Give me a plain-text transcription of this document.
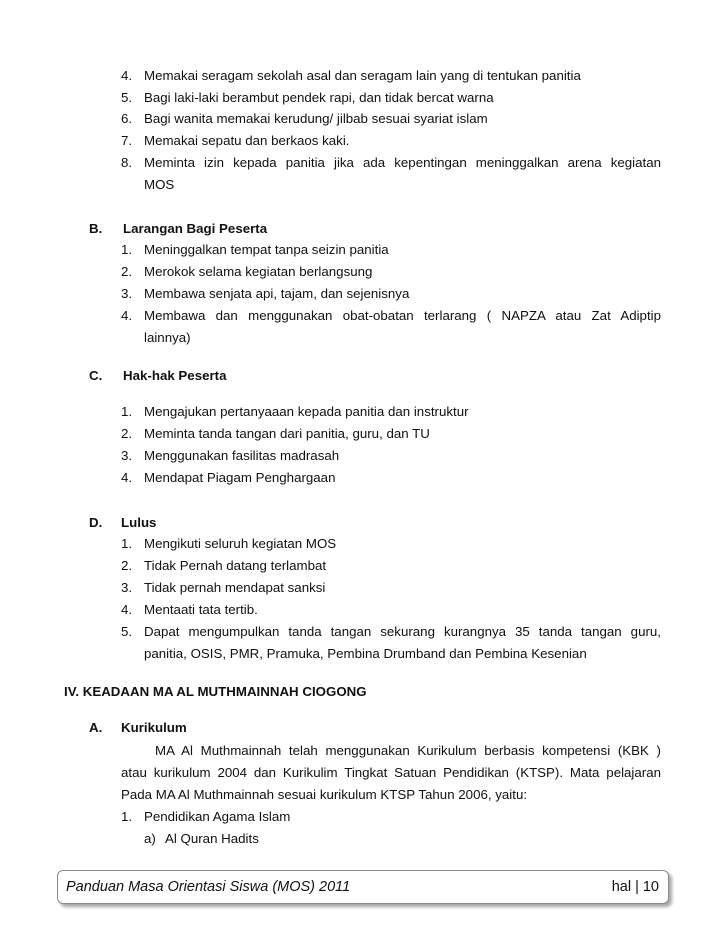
4. Memakai seragam sekolah asal dan seragam lain yang di tentukan panitia
5. Bagi laki-laki berambut pendek rapi, dan tidak bercat warna
6. Bagi wanita memakai kerudung/ jilbab sesuai syariat islam
7. Memakai sepatu dan berkaos kaki.
8. Meminta izin kepada panitia jika ada kepentingan meninggalkan arena kegiatan
MOS
B. Larangan Bagi Peserta
1. Meninggalkan tempat tanpa seizin panitia
2. Merokok selama kegiatan berlangsung
3. Membawa senjata api, tajam, dan sejenisnya
4. Membawa dan menggunakan obat-obatan terlarang ( NAPZA atau Zat Adiptip
lainnya)
C. Hak-hak Peserta
1. Mengajukan pertanyaaan kepada panitia dan instruktur
2. Meminta tanda tangan dari panitia, guru, dan TU
3. Menggunakan fasilitas madrasah
4. Mendapat Piagam Penghargaan
D. Lulus
1. Mengikuti seluruh kegiatan MOS
2. Tidak Pernah datang terlambat
3. Tidak pernah mendapat sanksi
4. Mentaati tata tertib.
5. Dapat mengumpulkan tanda tangan sekurang kurangnya 35 tanda tangan guru,
panitia, OSIS, PMR, Pramuka, Pembina Drumband dan Pembina Kesenian
IV. KEADAAN MA AL MUTHMAINNAH CIOGONG
A. Kurikulum
MA Al Muthmainnah telah menggunakan Kurikulum berbasis kompetensi (KBK )
atau kurikulum 2004 dan Kurikulim Tingkat Satuan Pendidikan (KTSP). Mata pelajaran
Pada MA Al Muthmainnah sesuai kurikulum KTSP Tahun 2006, yaitu:
1. Pendidikan Agama Islam
a) Al Quran Hadits
Panduan Masa Orientasi Siswa (MOS) 2011	hal | 10
